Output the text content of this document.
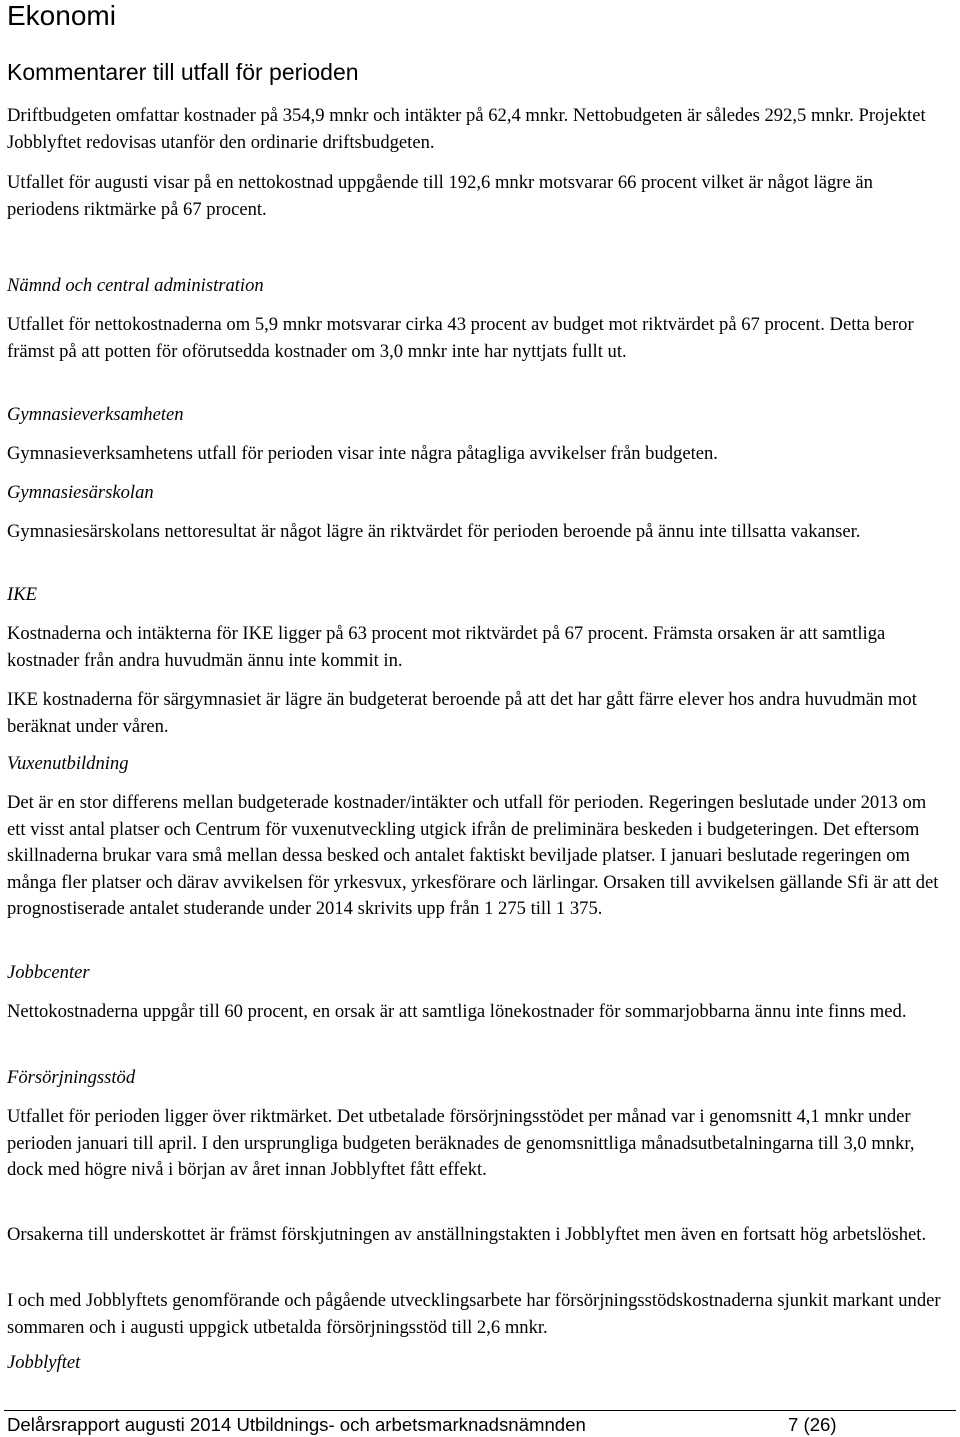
Ekonomi
Kommentarer till utfall för perioden

Driftbudgeten omfattar kostnader på 354,9 mnkr och intäkter på 62,4 mnkr. Nettobudgeten är således 292,5 mnkr. Projektet Jobblyftet redovisas utanför den ordinarie driftsbudgeten.

Utfallet för augusti visar på en nettokostnad uppgående till 192,6 mnkr motsvarar 66 procent vilket är något lägre än periodens riktmärke på 67 procent.

Nämnd och central administration

Utfallet för nettokostnaderna om 5,9 mnkr motsvarar cirka 43 procent av budget mot riktvärdet på 67 procent. Detta beror främst på att potten för oförutsedda kostnader om 3,0 mnkr inte har nyttjats fullt ut.

Gymnasieverksamheten

Gymnasieverksamhetens utfall för perioden visar inte några påtagliga avvikelser från budgeten.

Gymnasiesärskolan

Gymnasiesärskolans nettoresultat är något lägre än riktvärdet för perioden beroende på ännu inte tillsatta vakanser.

IKE

Kostnaderna och intäkterna för IKE ligger på 63 procent mot riktvärdet på 67 procent. Främsta orsaken är att samtliga kostnader från andra huvudmän ännu inte kommit in.

IKE kostnaderna för särgymnasiet är lägre än budgeterat beroende på att det har gått färre elever hos andra huvudmän mot beräknat under våren.

Vuxenutbildning

Det är en stor differens mellan budgeterade kostnader/intäkter och utfall för perioden. Regeringen beslutade under 2013 om ett visst antal platser och Centrum för vuxenutveckling utgick ifrån de preliminära beskeden i budgeteringen. Det eftersom skillnaderna brukar vara små mellan dessa besked och antalet faktiskt beviljade platser. I januari beslutade regeringen om många fler platser och därav avvikelsen för yrkesvux, yrkesförare och lärlingar. Orsaken till avvikelsen gällande Sfi är att det prognostiserade antalet studerande under 2014 skrivits upp från 1 275 till 1 375.

Jobbcenter

Nettokostnaderna uppgår till 60 procent, en orsak är att samtliga lönekostnader för sommarjobbarna ännu inte finns med.

Försörjningsstöd

Utfallet för perioden ligger över riktmärket. Det utbetalade försörjningsstödet per månad var i genomsnitt 4,1 mnkr under perioden januari till april. I den ursprungliga budgeten beräknades de genomsnittliga månadsutbetalningarna till 3,0 mnkr, dock med högre nivå i början av året innan Jobblyftet fått effekt.

Orsakerna till underskottet är främst förskjutningen av anställningstakten i Jobblyftet men även en fortsatt hög arbetslöshet.

I och med Jobblyftets genomförande och pågående utvecklingsarbete har försörjningsstödskostnaderna sjunkit markant under sommaren och i augusti uppgick utbetalda försörjningsstöd till 2,6 mnkr.

Jobblyftet

Delårsrapport augusti 2014 Utbildnings- och arbetsmarknadsnämnden	7 (26)
